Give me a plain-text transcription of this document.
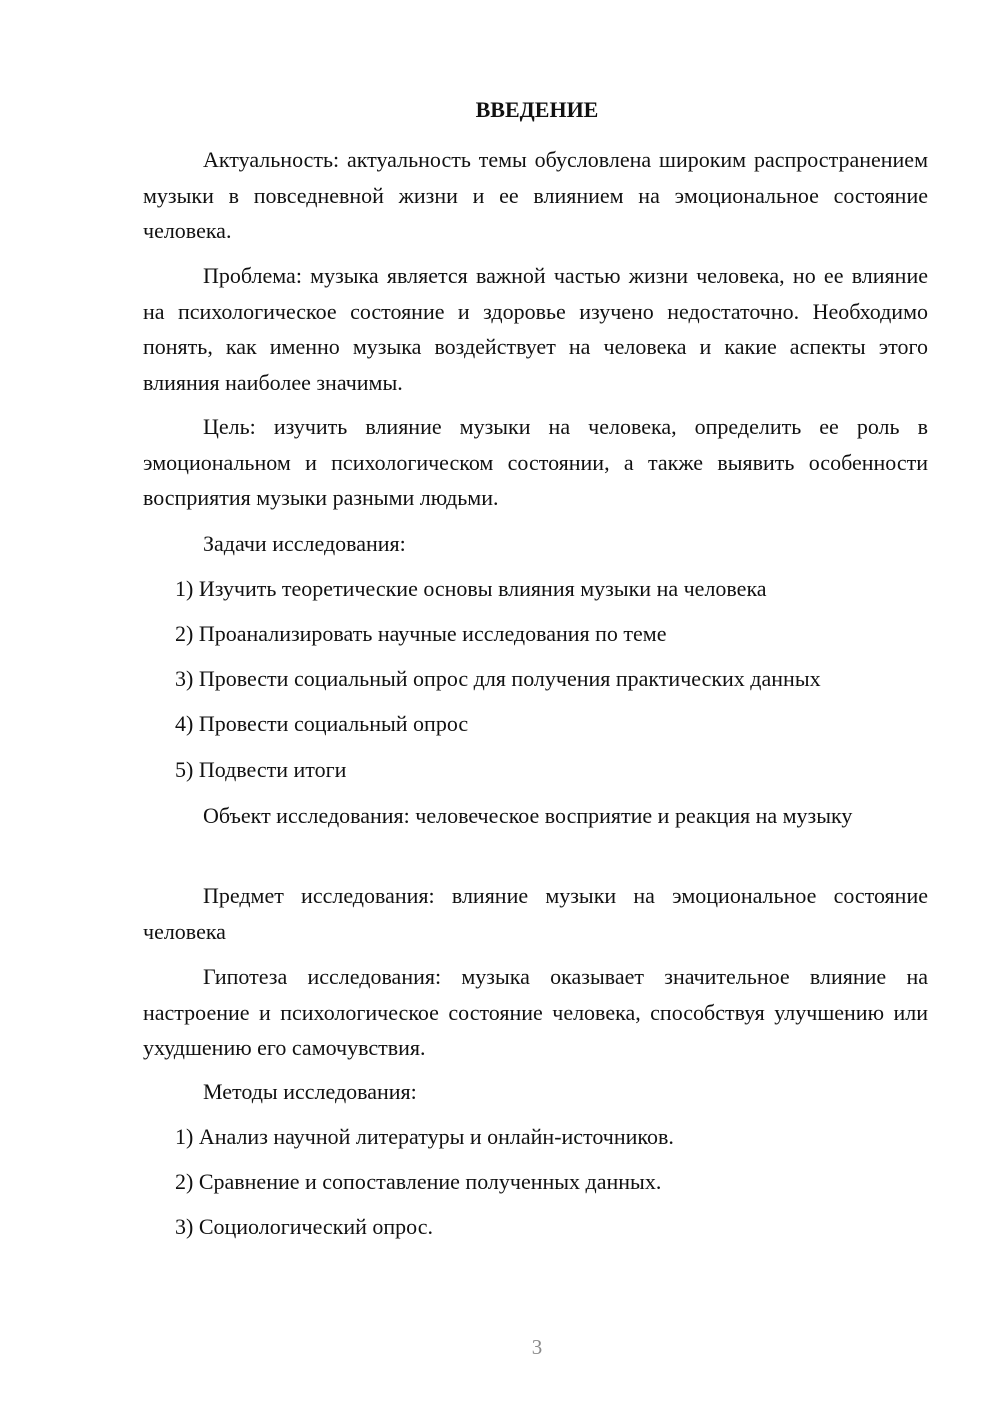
ВВЕДЕНИЕ

Актуальность: актуальность темы обусловлена широким распространением музыки в повседневной жизни и ее влиянием на эмоциональное состояние человека.

Проблема: музыка является важной частью жизни человека, но ее влияние на психологическое состояние и здоровье изучено недостаточно. Необходимо понять, как именно музыка воздействует на человека и какие аспекты этого влияния наиболее значимы.

Цель: изучить влияние музыки на человека, определить ее роль в эмоциональном и психологическом состоянии, а также выявить особенности восприятия музыки разными людьми.

Задачи исследования:
1) Изучить теоретические основы влияния музыки на человека
2) Проанализировать научные исследования по теме
3) Провести социальный опрос для получения практических данных
4) Провести социальный опрос
5) Подвести итоги

Объект исследования: человеческое восприятие и реакция на музыку

Предмет исследования: влияние музыки на эмоциональное состояние человека

Гипотеза исследования: музыка оказывает значительное влияние на настроение и психологическое состояние человека, способствуя улучшению или ухудшению его самочувствия.

Методы исследования:
1) Анализ научной литературы и онлайн-источников.
2) Сравнение и сопоставление полученных данных.
3) Социологический опрос.
3
